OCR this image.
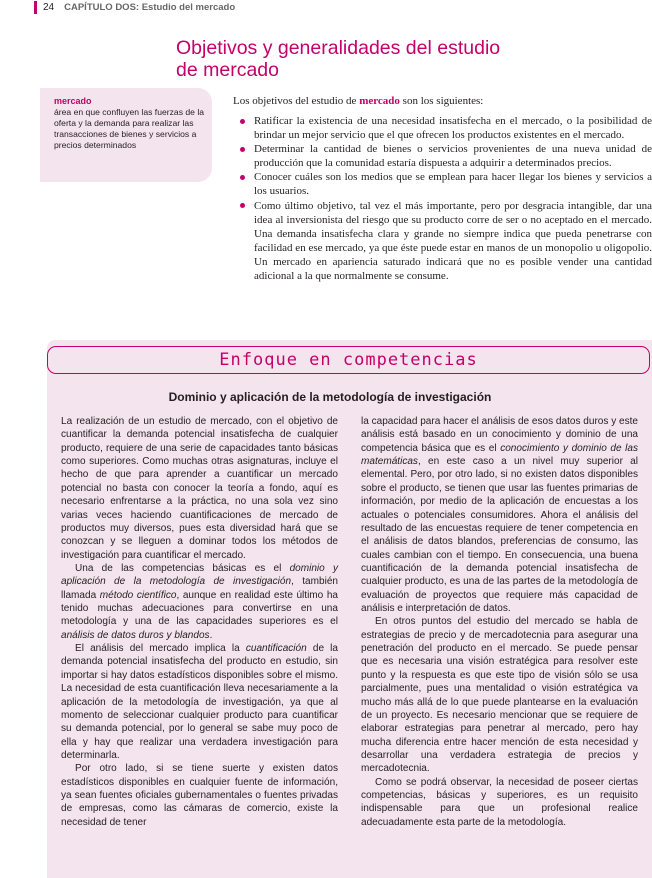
24 CAPÍTULO DOS: Estudio del mercado
Objetivos y generalidades del estudio
de mercado
mercado
área en que confluyen las fuerzas de la oferta y la demanda para realizar las transacciones de bienes y servicios a precios determinados

Los objetivos del estudio de mercado son los siguientes:

Ratificar la existencia de una necesidad insatisfecha en el mercado, o la posibilidad de brindar un mejor servicio que el que ofrecen los productos existentes en el mercado.
Determinar la cantidad de bienes o servicios provenientes de una nueva unidad de producción que la comunidad estaría dispuesta a adquirir a determinados precios.
Conocer cuáles son los medios que se emplean para hacer llegar los bienes y servicios a los usuarios.
Como último objetivo, tal vez el más importante, pero por desgracia intangible, dar una idea al inversionista del riesgo que su producto corre de ser o no aceptado en el mercado. Una demanda insatisfecha clara y grande no siempre indica que pueda penetrarse con facilidad en ese mercado, ya que éste puede estar en manos de un monopolio u oligopolio. Un mercado en apariencia saturado indicará que no es posible vender una cantidad adicional a la que normalmente se consume.
Enfoque en competencias
Dominio y aplicación de la metodología de investigación

La realización de un estudio de mercado, con el objetivo de cuantificar la demanda potencial insatisfecha de cualquier producto, requiere de una serie de capacidades tanto básicas como superiores. Como muchas otras asignaturas, incluye el hecho de que para aprender a cuantificar un mercado potencial no basta con conocer la teoría a fondo, aquí es necesario enfrentarse a la práctica, no una sola vez sino varias veces haciendo cuantificaciones de mercado de productos muy diversos, pues esta diversidad hará que se conozcan y se lleguen a dominar todos los métodos de investigación para cuantificar el mercado.

Una de las competencias básicas es el dominio y aplicación de la metodología de investigación, también llamada método científico, aunque en realidad este último ha tenido muchas adecuaciones para convertirse en una metodología y una de las capacidades superiores es el análisis de datos duros y blandos.

El análisis del mercado implica la cuantificación de la demanda potencial insatisfecha del producto en estudio, sin importar si hay datos estadísticos disponibles sobre el mismo. La necesidad de esta cuantificación lleva necesariamente a la aplicación de la metodología de investigación, ya que al momento de seleccionar cualquier producto para cuantificar su demanda potencial, por lo general se sabe muy poco de ella y hay que realizar una verdadera investigación para determinarla.

Por otro lado, si se tiene suerte y existen datos estadísticos disponibles en cualquier fuente de información, ya sean fuentes oficiales gubernamentales o fuentes privadas de empresas, como las cámaras de comercio, existe la necesidad de tener

la capacidad para hacer el análisis de esos datos duros y este análisis está basado en un conocimiento y dominio de una competencia básica que es el conocimiento y dominio de las matemáticas, en este caso a un nivel muy superior al elemental. Pero, por otro lado, si no existen datos disponibles sobre el producto, se tienen que usar las fuentes primarias de información, por medio de la aplicación de encuestas a los actuales o potenciales consumidores. Ahora el análisis del resultado de las encuestas requiere de tener competencia en el análisis de datos blandos, preferencias de consumo, las cuales cambian con el tiempo. En consecuencia, una buena cuantificación de la demanda potencial insatisfecha de cualquier producto, es una de las partes de la metodología de evaluación de proyectos que requiere más capacidad de análisis e interpretación de datos.

En otros puntos del estudio del mercado se habla de estrategias de precio y de mercadotecnia para asegurar una penetración del producto en el mercado. Se puede pensar que es necesaria una visión estratégica para resolver este punto y la respuesta es que este tipo de visión sólo se usa parcialmente, pues una mentalidad o visión estratégica va mucho más allá de lo que puede plantearse en la evaluación de un proyecto. Es necesario mencionar que se requiere de elaborar estrategias para penetrar al mercado, pero hay mucha diferencia entre hacer mención de esta necesidad y desarrollar una verdadera estrategia de precios y mercadotecnia.

Como se podrá observar, la necesidad de poseer ciertas competencias, básicas y superiores, es un requisito indispensable para que un profesional realice adecuadamente esta parte de la metodología.
